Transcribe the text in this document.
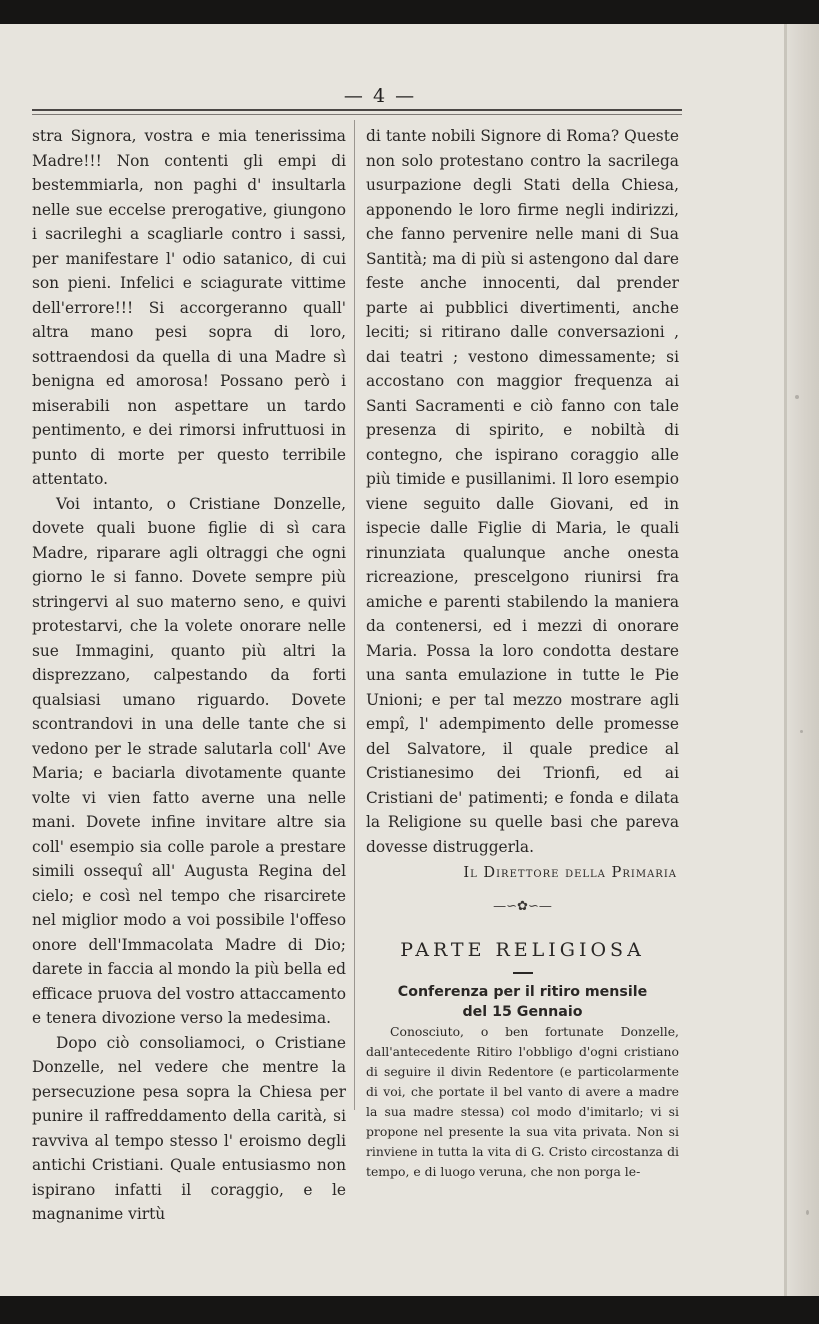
— 4 —

stra Signora, vostra e mia tenerissima Madre!!! Non contenti gli empi di bestemmiarla, non paghi d' insultarla nelle sue eccelse prerogative, giungono i sacrileghi a scagliarle contro i sassi, per manifestare l' odio satanico, di cui son pieni. Infelici e sciagurate vittime dell'errore!!! Si accorgeranno quall' altra mano pesi sopra di loro, sottraendosi da quella di una Madre sì benigna ed amorosa! Possano però i miserabili non aspettare un tardo pentimento, e dei rimorsi infruttuosi in punto di morte per questo terribile attentato.

Voi intanto, o Cristiane Donzelle, dovete quali buone figlie di sì cara Madre, riparare agli oltraggi che ogni giorno le si fanno. Dovete sempre più stringervi al suo materno seno, e quivi protestarvi, che la volete onorare nelle sue Immagini, quanto più altri la disprezzano, calpestando da forti qualsiasi umano riguardo. Dovete scontrandovi in una delle tante che si vedono per le strade salutarla coll' Ave Maria; e baciarla divotamente quante volte vi vien fatto averne una nelle mani. Dovete infine invitare altre sia coll' esempio sia colle parole a prestare simili ossequî all' Augusta Regina del cielo; e così nel tempo che risarcirete nel miglior modo a voi possibile l'offeso onore dell'Immacolata Madre di Dio; darete in faccia al mondo la più bella ed efficace pruova del vostro attaccamento e tenera divozione verso la medesima.

Dopo ciò consoliamoci, o Cristiane Donzelle, nel vedere che mentre la persecuzione pesa sopra la Chiesa per punire il raffreddamento della carità, si ravviva al tempo stesso l' eroismo degli antichi Cristiani. Quale entusiasmo non ispirano infatti il coraggio, e le magnanime virtù

di tante nobili Signore di Roma? Queste non solo protestano contro la sacrilega usurpazione degli Stati della Chiesa, apponendo le loro firme negli indirizzi, che fanno pervenire nelle mani di Sua Santità; ma di più si astengono dal dare feste anche innocenti, dal prender parte ai pubblici divertimenti, anche leciti; si ritirano dalle conversazioni , dai teatri ; vestono dimessamente; si accostano con maggior frequenza ai Santi Sacramenti e ciò fanno con tale presenza di spirito, e nobiltà di contegno, che ispirano coraggio alle più timide e pusillanimi. Il loro esempio viene seguito dalle Giovani, ed in ispecie dalle Figlie di Maria, le quali rinunziata qualunque anche onesta ricreazione, prescelgono riunirsi fra amiche e parenti stabilendo la maniera da contenersi, ed i mezzi di onorare Maria. Possa la loro condotta destare una santa emulazione in tutte le Pie Unioni; e per tal mezzo mostrare agli empî, l' adempimento delle promesse del Salvatore, il quale predice al Cristianesimo dei Trionfi, ed ai Cristiani de' patimenti; e fonda e dilata la Religione su quelle basi che pareva dovesse distruggerla.

Il Direttore della Primaria

—∽✿∽—
PARTE RELIGIOSA
Conferenza per il ritiro mensile
del 15 Gennaio

Conosciuto, o ben fortunate Donzelle, dall'antecedente Ritiro l'obbligo d'ogni cristiano di seguire il divin Redentore (e particolarmente di voi, che portate il bel vanto di avere a madre la sua madre stessa) col modo d'imitarlo; vi si propone nel presente la sua vita privata. Non si rinviene in tutta la vita di G. Cristo circostanza di tempo, e di luogo veruna, che non porga le-
